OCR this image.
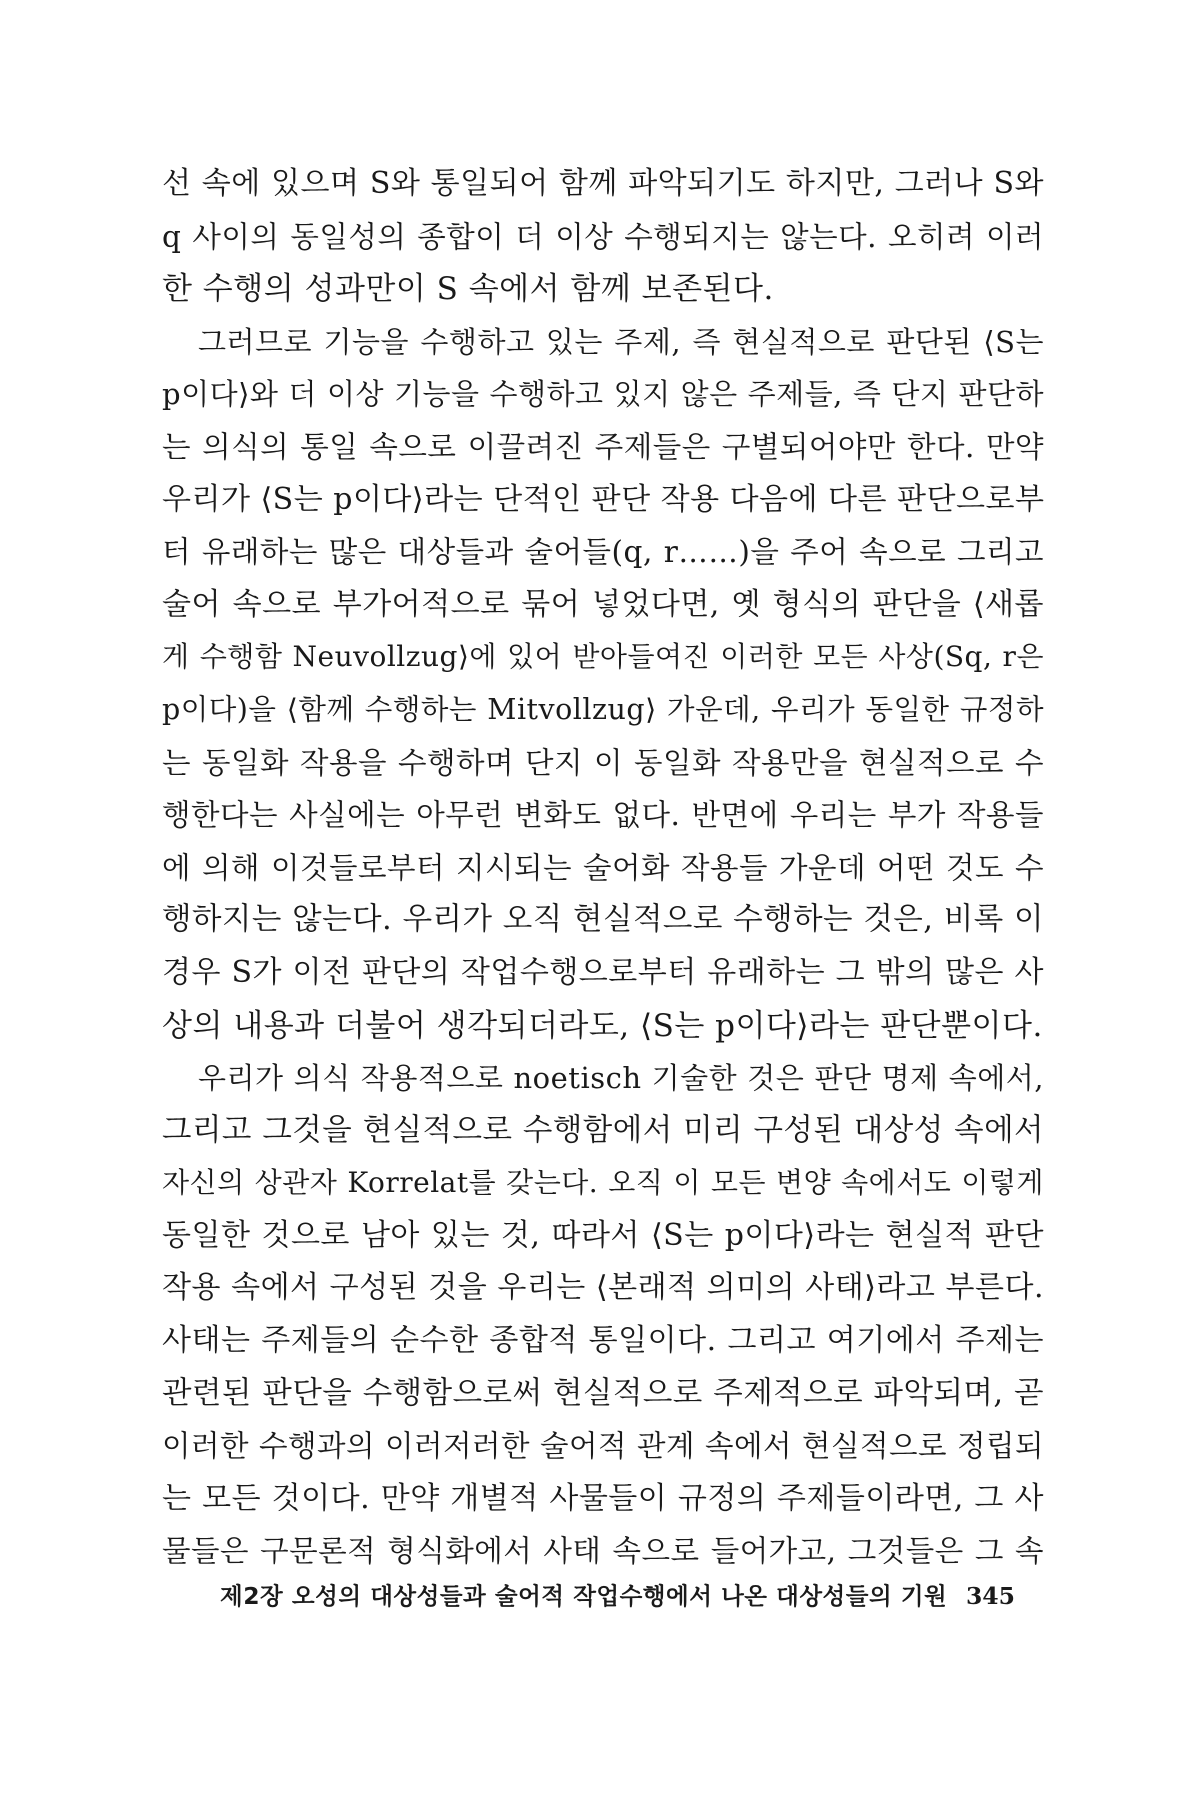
선 속에 있으며 S와 통일되어 함께 파악되기도 하지만, 그러나 S와
q 사이의 동일성의 종합이 더 이상 수행되지는 않는다. 오히려 이러
한 수행의 성과만이 S 속에서 함께 보존된다.
그러므로 기능을 수행하고 있는 주제, 즉 현실적으로 판단된 ⟨S는
p이다⟩와 더 이상 기능을 수행하고 있지 않은 주제들, 즉 단지 판단하
는 의식의 통일 속으로 이끌려진 주제들은 구별되어야만 한다. 만약
우리가 ⟨S는 p이다⟩라는 단적인 판단 작용 다음에 다른 판단으로부
터 유래하는 많은 대상들과 술어들(q, r……)을 주어 속으로 그리고
술어 속으로 부가어적으로 묶어 넣었다면, 옛 형식의 판단을 ⟨새롭
게 수행함 Neuvollzug⟩에 있어 받아들여진 이러한 모든 사상(Sq, r은
p이다)을 ⟨함께 수행하는 Mitvollzug⟩ 가운데, 우리가 동일한 규정하
는 동일화 작용을 수행하며 단지 이 동일화 작용만을 현실적으로 수
행한다는 사실에는 아무런 변화도 없다. 반면에 우리는 부가 작용들
에 의해 이것들로부터 지시되는 술어화 작용들 가운데 어떤 것도 수
행하지는 않는다. 우리가 오직 현실적으로 수행하는 것은, 비록 이
경우 S가 이전 판단의 작업수행으로부터 유래하는 그 밖의 많은 사
상의 내용과 더불어 생각되더라도, ⟨S는 p이다⟩라는 판단뿐이다.
우리가 의식 작용적으로 noetisch 기술한 것은 판단 명제 속에서,
그리고 그것을 현실적으로 수행함에서 미리 구성된 대상성 속에서
자신의 상관자 Korrelat를 갖는다. 오직 이 모든 변양 속에서도 이렇게
동일한 것으로 남아 있는 것, 따라서 ⟨S는 p이다⟩라는 현실적 판단
작용 속에서 구성된 것을 우리는 ⟨본래적 의미의 사태⟩라고 부른다.
사태는 주제들의 순수한 종합적 통일이다. 그리고 여기에서 주제는
관련된 판단을 수행함으로써 현실적으로 주제적으로 파악되며, 곧
이러한 수행과의 이러저러한 술어적 관계 속에서 현실적으로 정립되
는 모든 것이다. 만약 개별적 사물들이 규정의 주제들이라면, 그 사
물들은 구문론적 형식화에서 사태 속으로 들어가고, 그것들은 그 속
제2장 오성의 대상성들과 술어적 작업수행에서 나온 대상성들의 기원 345
